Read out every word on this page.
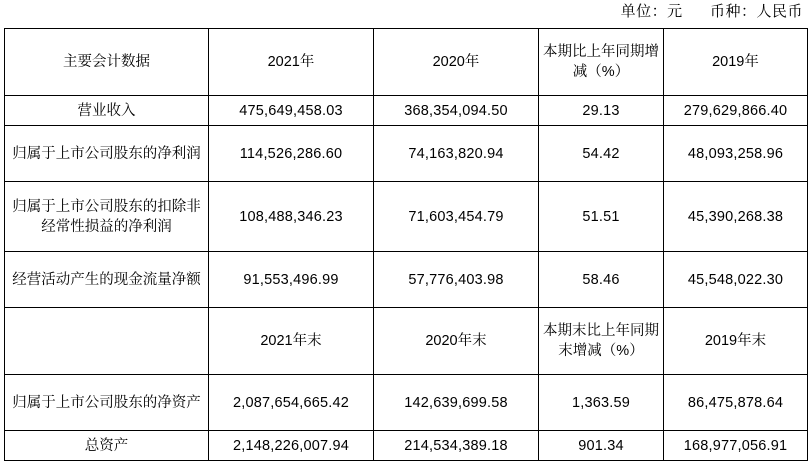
单位：元 币种：人民币
主要会计数据	2021年	2020年	本期比上年同期增减（%）	2019年
营业收入	475,649,458.03	368,354,094.50	29.13	279,629,866.40
归属于上市公司股东的净利润	114,526,286.60	74,163,820.94	54.42	48,093,258.96
归属于上市公司股东的扣除非经常性损益的净利润	108,488,346.23	71,603,454.79	51.51	45,390,268.38
经营活动产生的现金流量净额	91,553,496.99	57,776,403.98	58.46	45,548,022.30
	2021年末	2020年末	本期末比上年同期末增减（%）	2019年末
归属于上市公司股东的净资产	2,087,654,665.42	142,639,699.58	1,363.59	86,475,878.64
总资产	2,148,226,007.94	214,534,389.18	901.34	168,977,056.91
